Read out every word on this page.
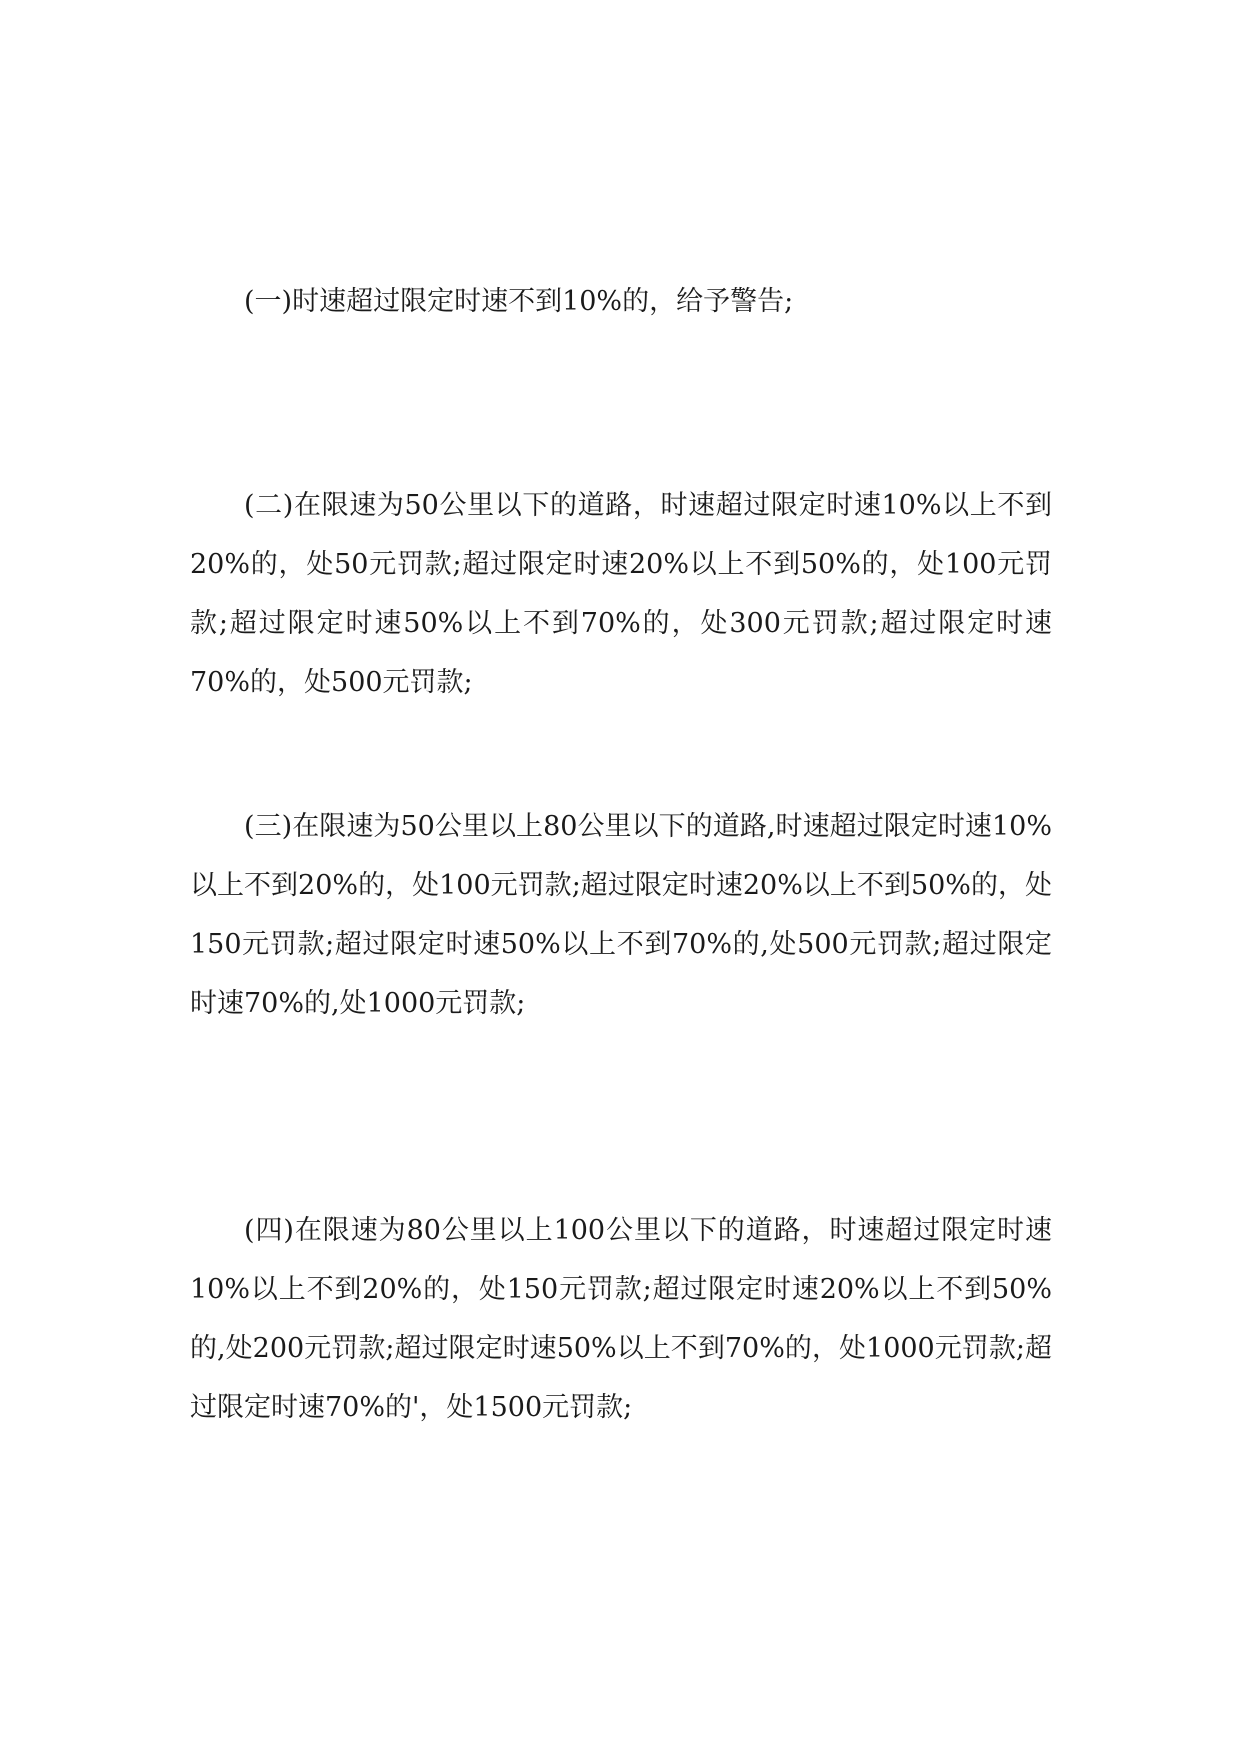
(一)时速超过限定时速不到10%的，给予警告;

(二)在限速为50公里以下的道路，时速超过限定时速10%以上不到20%的，处50元罚款;超过限定时速20%以上不到50%的，处100元罚款;超过限定时速50%以上不到70%的，处300元罚款;超过限定时速70%的，处500元罚款;

(三)在限速为50公里以上80公里以下的道路,时速超过限定时速10%以上不到20%的，处100元罚款;超过限定时速20%以上不到50%的，处150元罚款;超过限定时速50%以上不到70%的,处500元罚款;超过限定时速70%的,处1000元罚款;

(四)在限速为80公里以上100公里以下的道路，时速超过限定时速10%以上不到20%的，处150元罚款;超过限定时速20%以上不到50%的,处200元罚款;超过限定时速50%以上不到70%的，处1000元罚款;超过限定时速70%的'，处1500元罚款;
